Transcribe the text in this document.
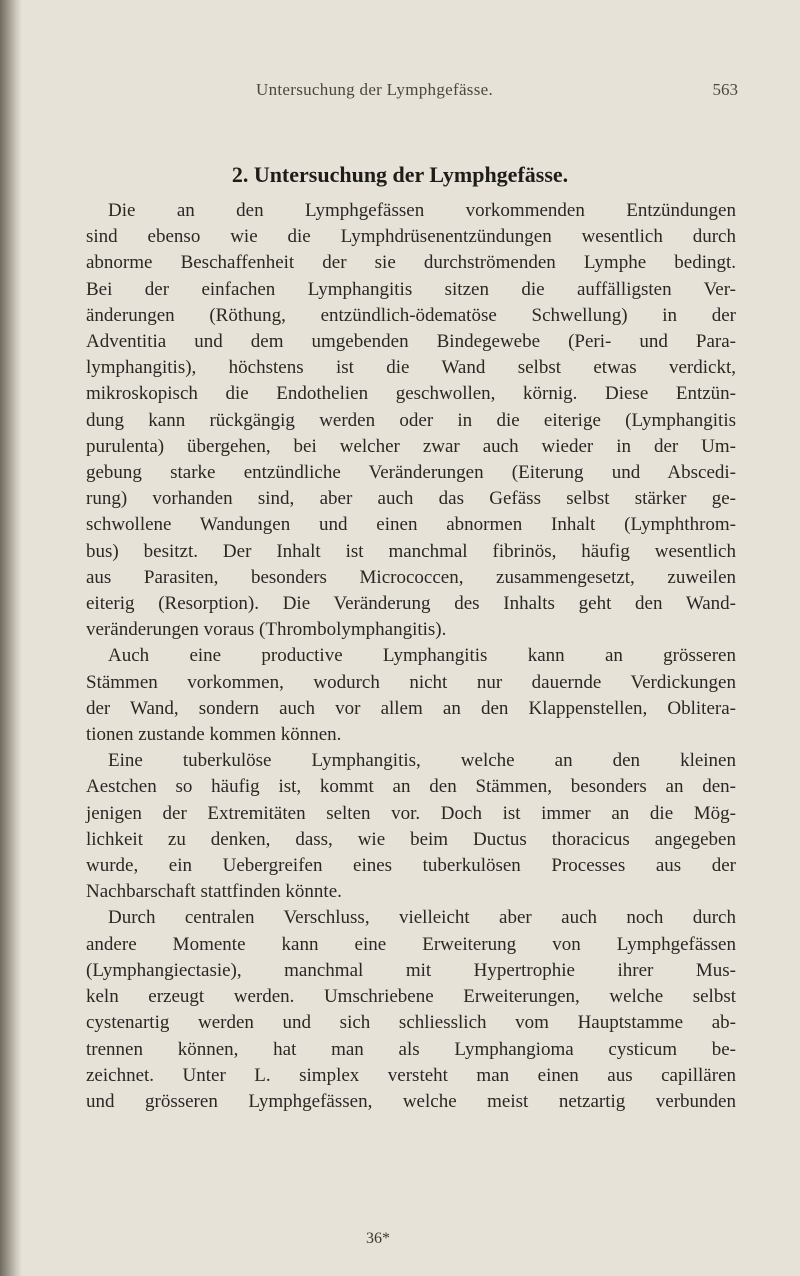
Untersuchung der Lymphgefässe.	563
2. Untersuchung der Lymphgefässe.
Die an den Lymphgefässen vorkommenden Entzündungen
sind ebenso wie die Lymphdrüsenentzündungen wesentlich durch
abnorme Beschaffenheit der sie durchströmenden Lymphe bedingt.
Bei der einfachen Lymphangitis sitzen die auffälligsten Ver-
änderungen (Röthung, entzündlich-ödematöse Schwellung) in der
Adventitia und dem umgebenden Bindegewebe (Peri- und Para-
lymphangitis), höchstens ist die Wand selbst etwas verdickt,
mikroskopisch die Endothelien geschwollen, körnig. Diese Entzün-
dung kann rückgängig werden oder in die eiterige (Lymphangitis
purulenta) übergehen, bei welcher zwar auch wieder in der Um-
gebung starke entzündliche Veränderungen (Eiterung und Abscedi-
rung) vorhanden sind, aber auch das Gefäss selbst stärker ge-
schwollene Wandungen und einen abnormen Inhalt (Lymphthrom-
bus) besitzt. Der Inhalt ist manchmal fibrinös, häufig wesentlich
aus Parasiten, besonders Micrococcen, zusammengesetzt, zuweilen
eiterig (Resorption). Die Veränderung des Inhalts geht den Wand-
veränderungen voraus (Thrombolymphangitis).
Auch eine productive Lymphangitis kann an grösseren
Stämmen vorkommen, wodurch nicht nur dauernde Verdickungen
der Wand, sondern auch vor allem an den Klappenstellen, Oblitera-
tionen zustande kommen können.
Eine tuberkulöse Lymphangitis, welche an den kleinen
Aestchen so häufig ist, kommt an den Stämmen, besonders an den-
jenigen der Extremitäten selten vor. Doch ist immer an die Mög-
lichkeit zu denken, dass, wie beim Ductus thoracicus angegeben
wurde, ein Uebergreifen eines tuberkulösen Processes aus der
Nachbarschaft stattfinden könnte.
Durch centralen Verschluss, vielleicht aber auch noch durch
andere Momente kann eine Erweiterung von Lymphgefässen
(Lymphangiectasie), manchmal mit Hypertrophie ihrer Mus-
keln erzeugt werden. Umschriebene Erweiterungen, welche selbst
cystenartig werden und sich schliesslich vom Hauptstamme ab-
trennen können, hat man als Lymphangioma cysticum be-
zeichnet. Unter L. simplex versteht man einen aus capillären
und grösseren Lymphgefässen, welche meist netzartig verbunden
36*
